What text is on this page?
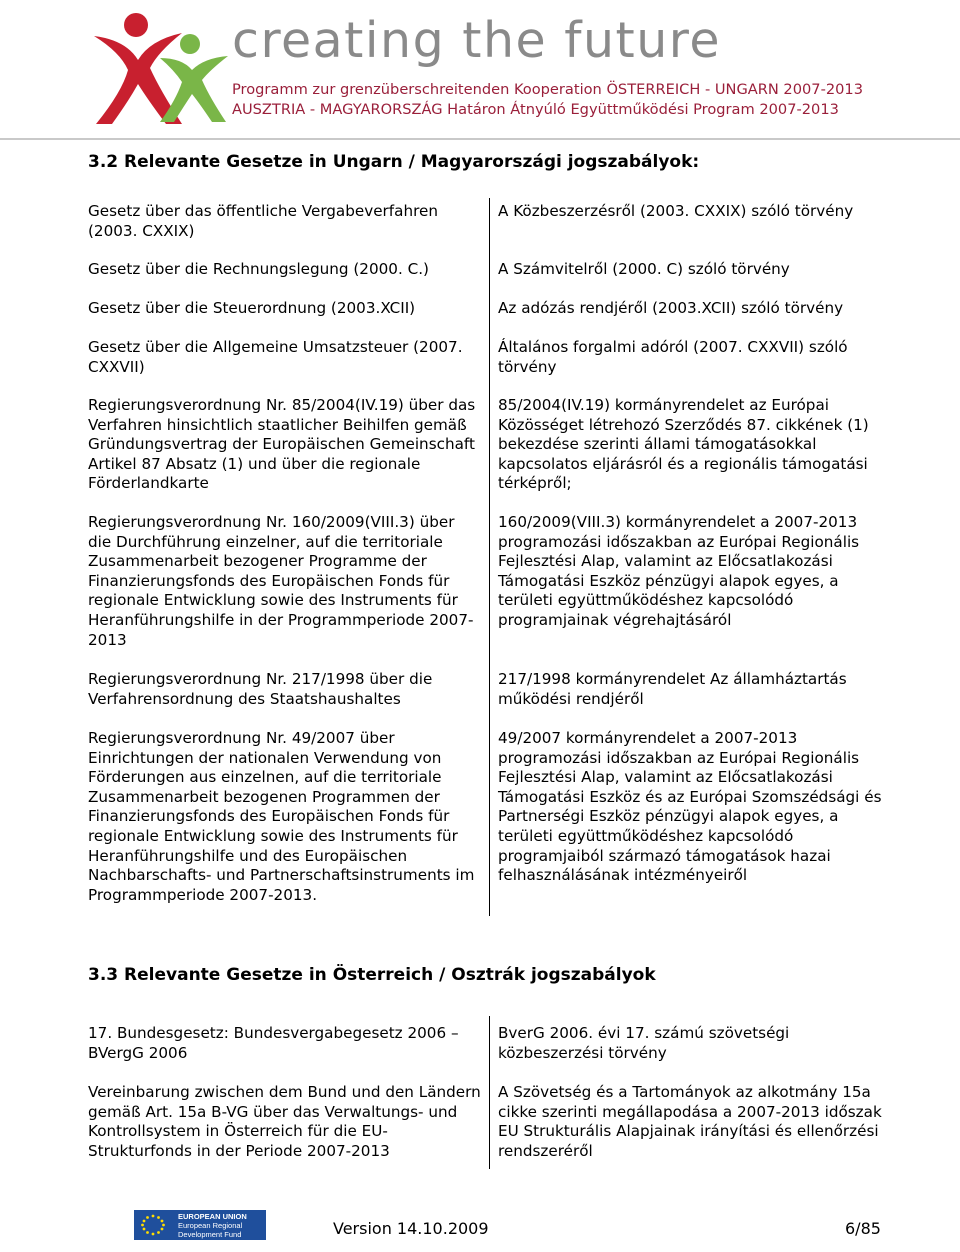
creating the future
Programm zur grenzüberschreitenden Kooperation ÖSTERREICH - UNGARN 2007-2013
AUSZTRIA - MAGYARORSZÁG Határon Átnyúló Együttműködési Program 2007-2013
3.2 Relevante Gesetze in Ungarn / Magyarországi jogszabályok:

Gesetz über das öffentliche Vergabeverfahren (2003. CXXIX)

Gesetz über die Rechnungslegung (2000. C.)

Gesetz über die Steuerordnung (2003.XCII)

Gesetz über die Allgemeine Umsatzsteuer (2007. CXXVII)

Regierungsverordnung Nr. 85/2004(IV.19) über das Verfahren hinsichtlich staatlicher Beihilfen gemäß Gründungsvertrag der Europäischen Gemeinschaft Artikel 87 Absatz (1) und über die regionale Förderlandkarte

Regierungsverordnung Nr. 160/2009(VIII.3) über die Durchführung einzelner, auf die territoriale Zusammenarbeit bezogener Programme der Finanzierungsfonds des Europäischen Fonds für regionale Entwicklung sowie des Instruments für Heranführungshilfe in der Programmperiode 2007-2013

Regierungsverordnung Nr. 217/1998 über die Verfahrensordnung des Staatshaushaltes

Regierungsverordnung Nr. 49/2007 über Einrichtungen der nationalen Verwendung von Förderungen aus einzelnen, auf die territoriale Zusammenarbeit bezogenen Programmen der Finanzierungsfonds des Europäischen Fonds für regionale Entwicklung sowie des Instruments für Heranführungshilfe und des Europäischen Nachbarschafts- und Partnerschaftsinstruments im Programmperiode 2007-2013.

A Közbeszerzésről (2003. CXXIX) szóló törvény

A Számvitelről (2000. C) szóló törvény

Az adózás rendjéről (2003.XCII) szóló törvény

Általános forgalmi adóról (2007. CXXVII) szóló törvény

85/2004(IV.19) kormányrendelet az Európai Közösséget létrehozó Szerződés 87. cikkének (1) bekezdése szerinti állami támogatásokkal kapcsolatos eljárásról és a regionális támogatási térképről;

160/2009(VIII.3) kormányrendelet a 2007-2013 programozási időszakban az Európai Regionális Fejlesztési Alap, valamint az Előcsatlakozási Támogatási Eszköz pénzügyi alapok egyes, a területi együttműködéshez kapcsolódó programjainak végrehajtásáról

217/1998 kormányrendelet Az államháztartás működési rendjéről

49/2007 kormányrendelet a 2007-2013 programozási időszakban az Európai Regionális Fejlesztési Alap, valamint az Előcsatlakozási Támogatási Eszköz és az Európai Szomszédsági és Partnerségi Eszköz pénzügyi alapok egyes, a területi együttműködéshez kapcsolódó programjaiból származó támogatások hazai felhasználásának intézményeiről

3.3 Relevante Gesetze in Österreich / Osztrák jogszabályok

17. Bundesgesetz: Bundesvergabegesetz 2006 – BVergG 2006

Vereinbarung zwischen dem Bund und den Ländern gemäß Art. 15a B-VG über das Verwaltungs- und Kontrollsystem in Österreich für die EU-Strukturfonds in der Periode 2007-2013

BverG 2006. évi 17. számú szövetségi közbeszerzési törvény

A Szövetség és a Tartományok az alkotmány 15a cikke szerinti megállapodása a 2007-2013 időszak EU Strukturális Alapjainak irányítási és ellenőrzési rendszeréről

EUROPEAN UNION
European Regional
Development Fund	Version 14.10.2009	6/85
